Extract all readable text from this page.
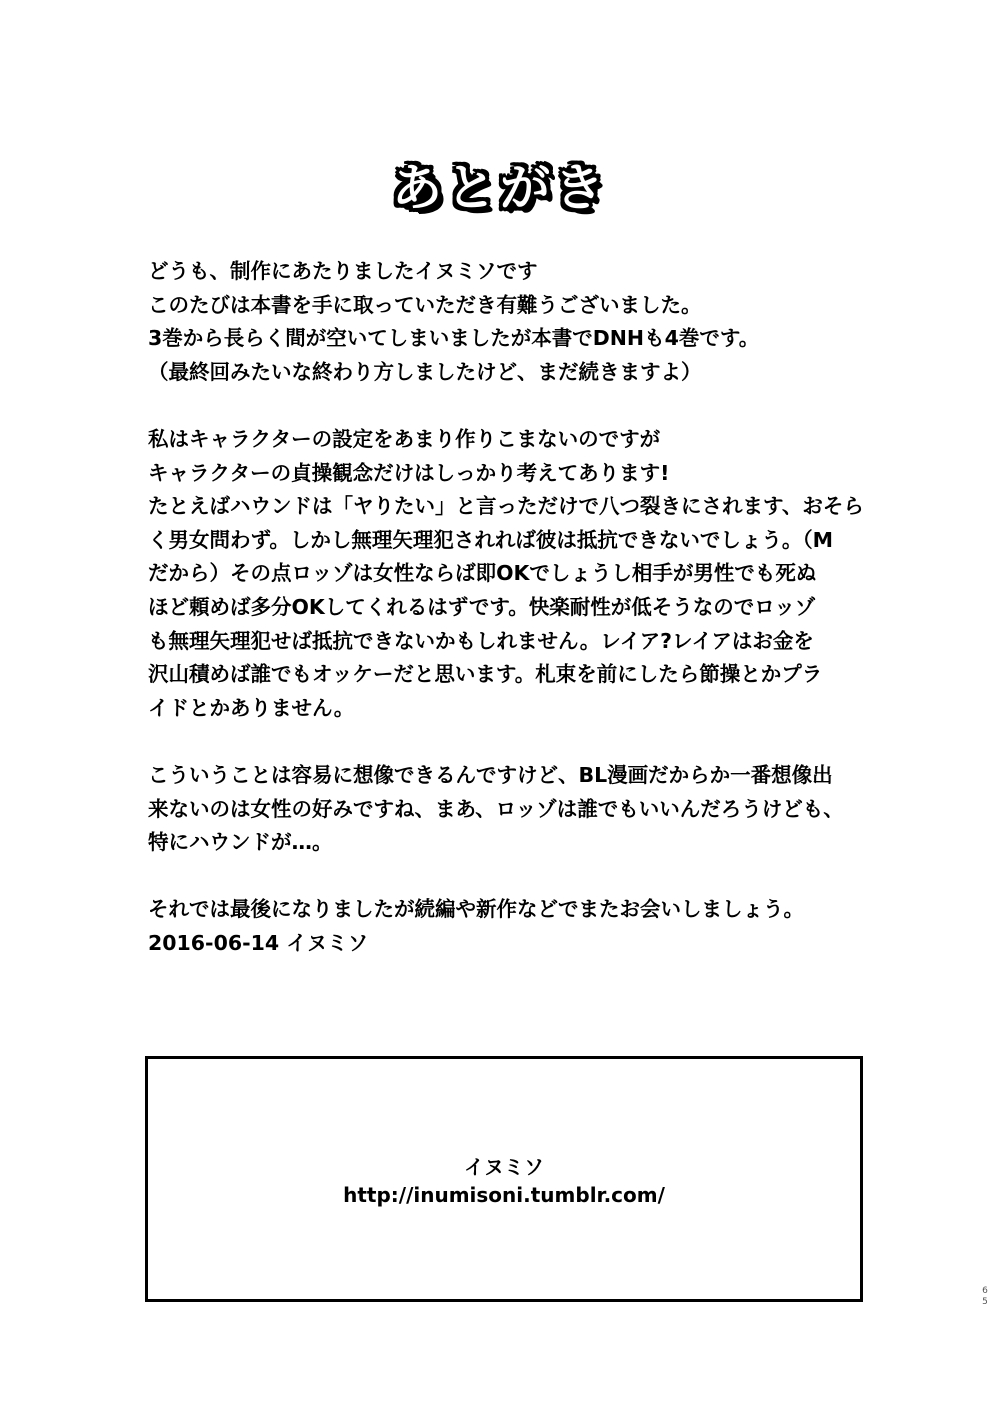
あとがき
どうも、制作にあたりましたイヌミソです
このたびは本書を手に取っていただき有難うございました。
3巻から長らく間が空いてしまいましたが本書でDNHも4巻です。
（最終回みたいな終わり方しましたけど、まだ続きますよ）
私はキャラクターの設定をあまり作りこまないのですが
キャラクターの貞操観念だけはしっかり考えてあります!
たとえばハウンドは「ヤりたい」と言っただけで八つ裂きにされます、おそら
く男女問わず。しかし無理矢理犯されれば彼は抵抗できないでしょう。（M
だから）その点ロッゾは女性ならば即OKでしょうし相手が男性でも死ぬ
ほど頼めば多分OKしてくれるはずです。快楽耐性が低そうなのでロッゾ
も無理矢理犯せば抵抗できないかもしれません。レイア?レイアはお金を
沢山積めば誰でもオッケーだと思います。札束を前にしたら節操とかプラ
イドとかありません。
こういうことは容易に想像できるんですけど、BL漫画だからか一番想像出
来ないのは女性の好みですね、まあ、ロッゾは誰でもいいんだろうけども、
特にハウンドが…。
それでは最後になりましたが続編や新作などでまたお会いしましょう。
2016-06-14 イヌミソ
イヌミソ
http://inumisoni.tumblr.com/
6
5
